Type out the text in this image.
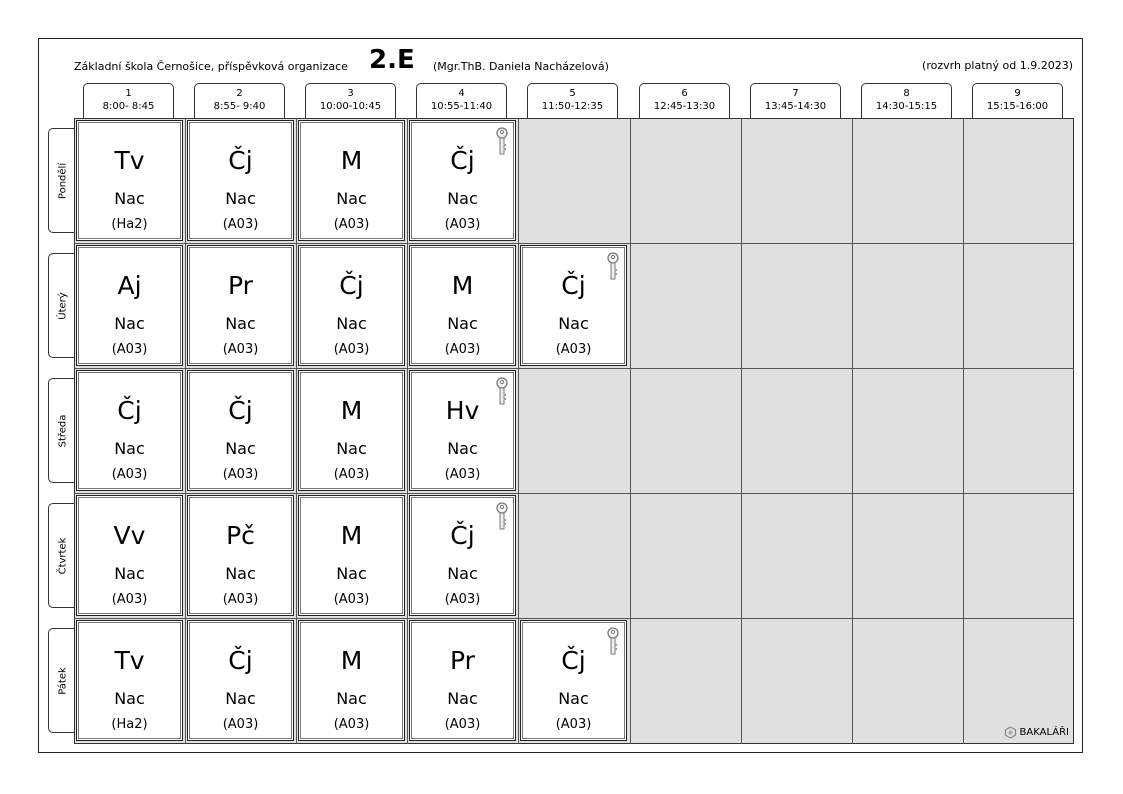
Základní škola Černošice, příspěvková organizace 2.E (Mgr.ThB. Daniela Nacházelová)	(rozvrh platný od 1.9.2023)
1
8:00- 8:45
2
8:55- 9:40
3
10:00-10:45
4
10:55-11:40
5
11:50-12:35
6
12:45-13:30
7
13:45-14:30
8
14:30-15:15
9
15:15-16:00
Pondělí
Úterý
Středa
Čtvrtek
Pátek
Tv
Nac
(Ha2)
Čj
Nac
(A03)
M
Nac
(A03)
Čj
Nac
(A03)
Aj
Nac
(A03)
Pr
Nac
(A03)
Čj
Nac
(A03)
M
Nac
(A03)
Čj
Nac
(A03)
Čj
Nac
(A03)
Čj
Nac
(A03)
M
Nac
(A03)
Hv
Nac
(A03)
Vv
Nac
(A03)
Pč
Nac
(A03)
M
Nac
(A03)
Čj
Nac
(A03)
Tv
Nac
(Ha2)
Čj
Nac
(A03)
M
Nac
(A03)
Pr
Nac
(A03)
Čj
Nac
(A03)
BAKALÁŘI
